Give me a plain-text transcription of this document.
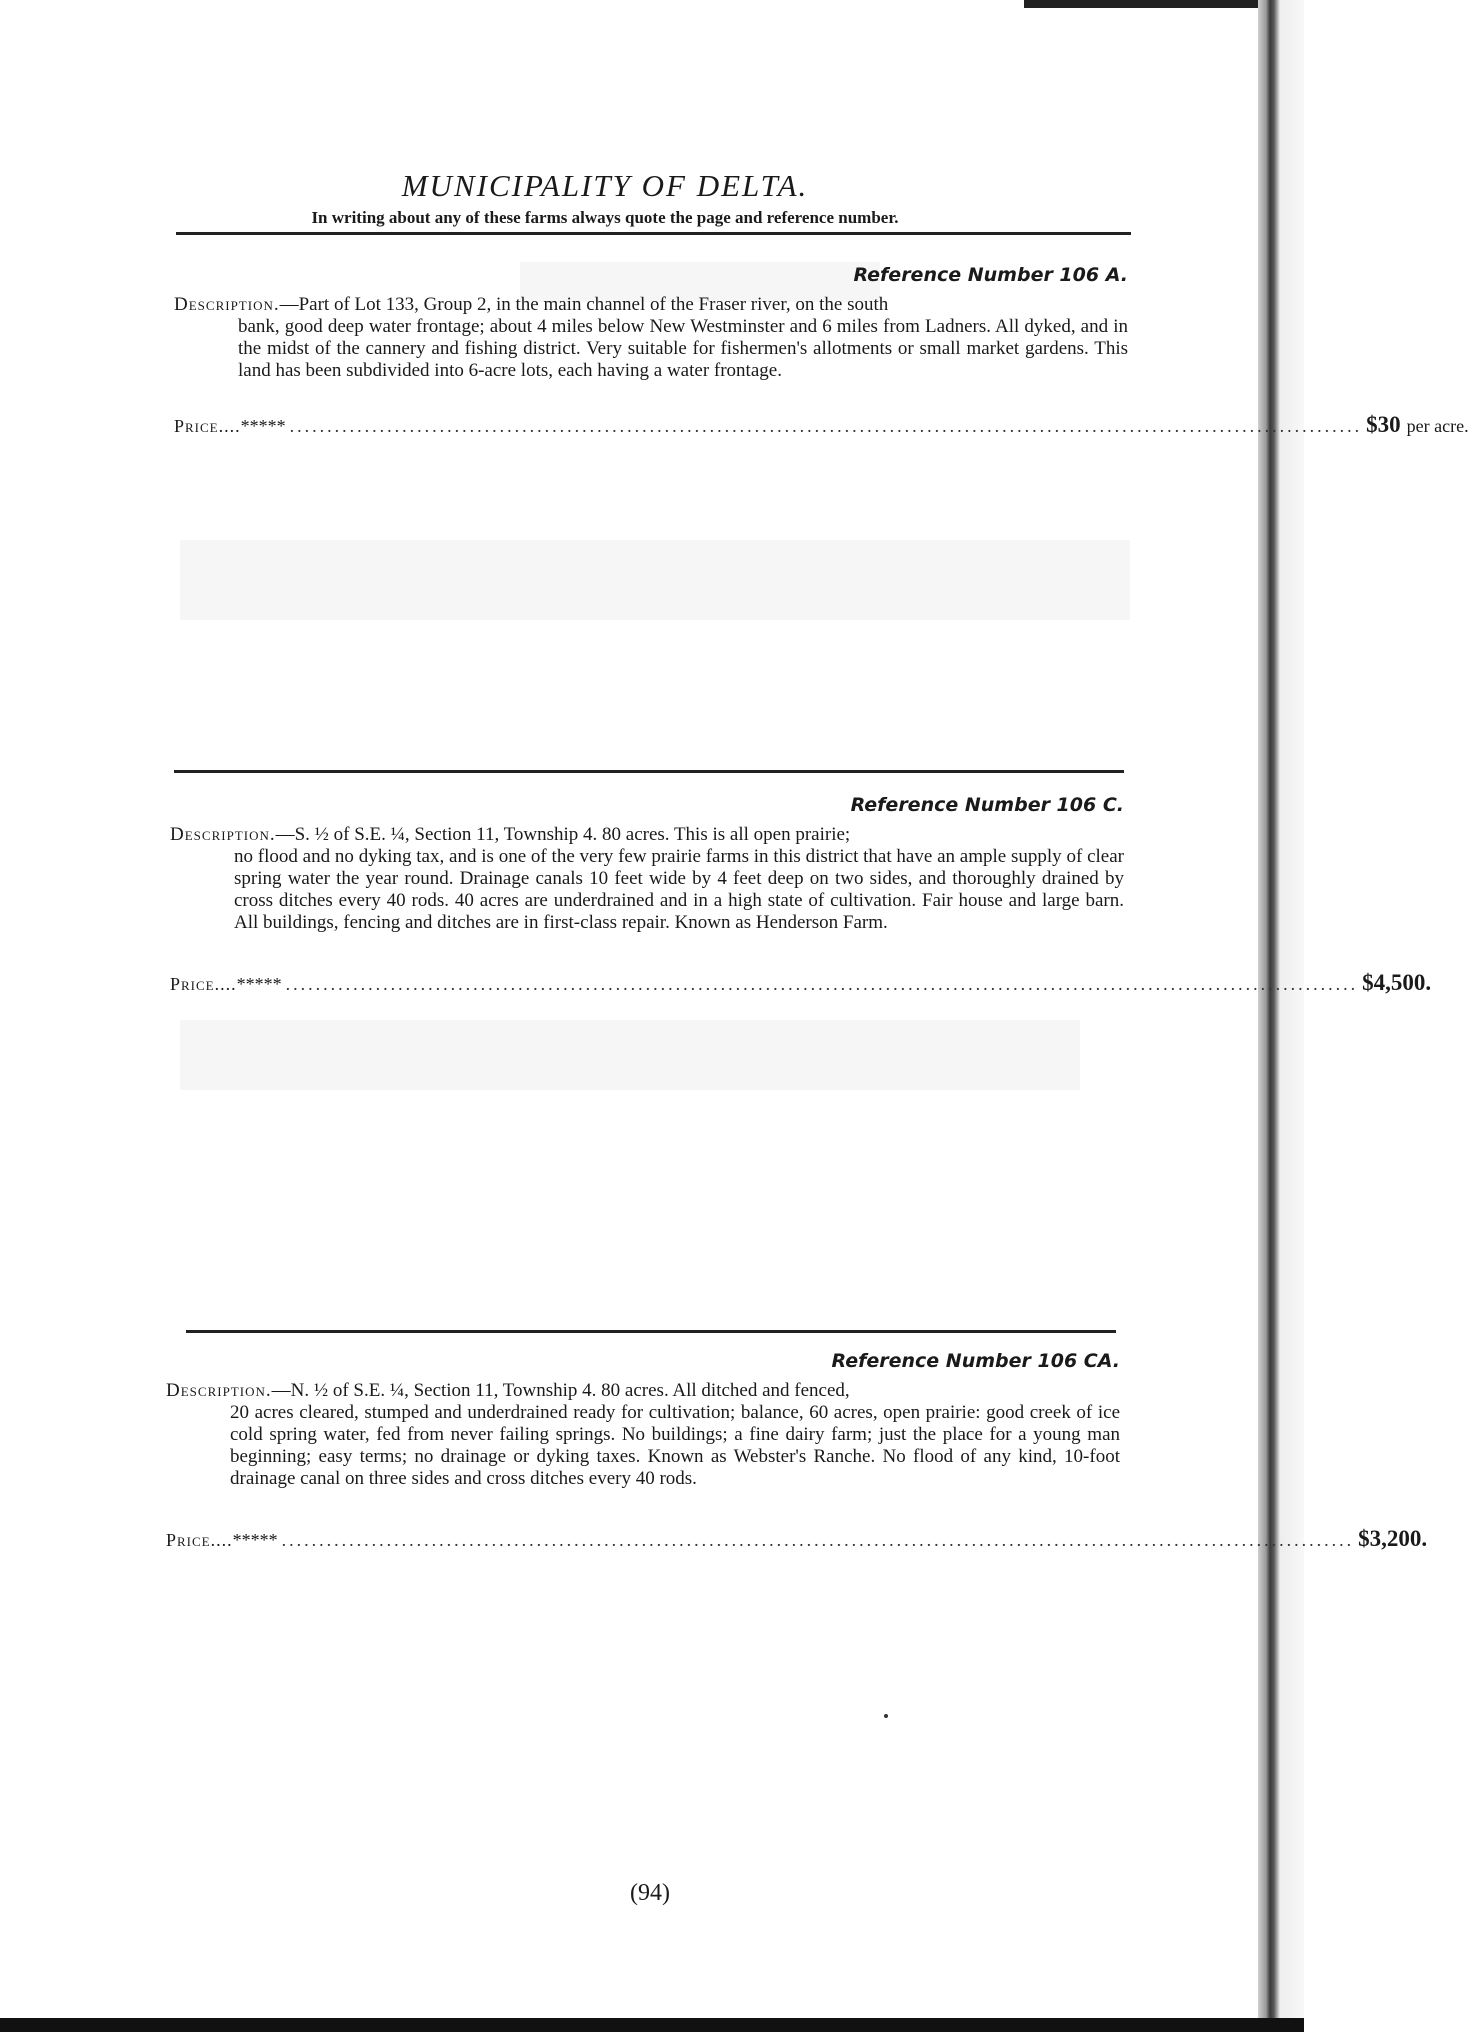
MUNICIPALITY OF DELTA.
In writing about any of these farms always quote the page and reference number.
Reference Number 106 A.
Description.—Part of Lot 133, Group 2, in the main channel of the Fraser river, on the south
bank, good deep water frontage; about 4 miles below New Westminster and 6 miles from Ladners. All dyked, and in the midst of the cannery and fishing district. Very suitable for fishermen's allotments or small market gardens. This land has been subdivided into 6-acre lots, each having a water frontage.
Price.... ***** ............................................................................................................................................... $30 per acre.
Reference Number 106 C.
Description.—S. ½ of S.E. ¼, Section 11, Township 4. 80 acres. This is all open prairie;
no flood and no dyking tax, and is one of the very few prairie farms in this district that have an ample supply of clear spring water the year round. Drainage canals 10 feet wide by 4 feet deep on two sides, and thoroughly drained by cross ditches every 40 rods. 40 acres are underdrained and in a high state of cultivation. Fair house and large barn. All buildings, fencing and ditches are in first-class repair. Known as Henderson Farm.
Price.... ***** ............................................................................................................................................... $4,500.
Reference Number 106 CA.
Description.—N. ½ of S.E. ¼, Section 11, Township 4. 80 acres. All ditched and fenced,
20 acres cleared, stumped and underdrained ready for cultivation; balance, 60 acres, open prairie: good creek of ice cold spring water, fed from never failing springs. No buildings; a fine dairy farm; just the place for a young man beginning; easy terms; no drainage or dyking taxes. Known as Webster's Ranche. No flood of any kind, 10-foot drainage canal on three sides and cross ditches every 40 rods.
Price.... ***** ............................................................................................................................................... $3,200.
(94)
